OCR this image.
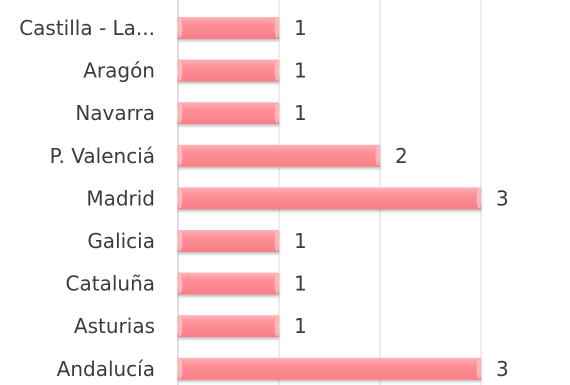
Castilla - La...
Aragón
Navarra
P. Valenciá
Madrid
Galicia
Cataluña
Asturias
Andalucía
1
1
1
2
3
1
1
1
3
